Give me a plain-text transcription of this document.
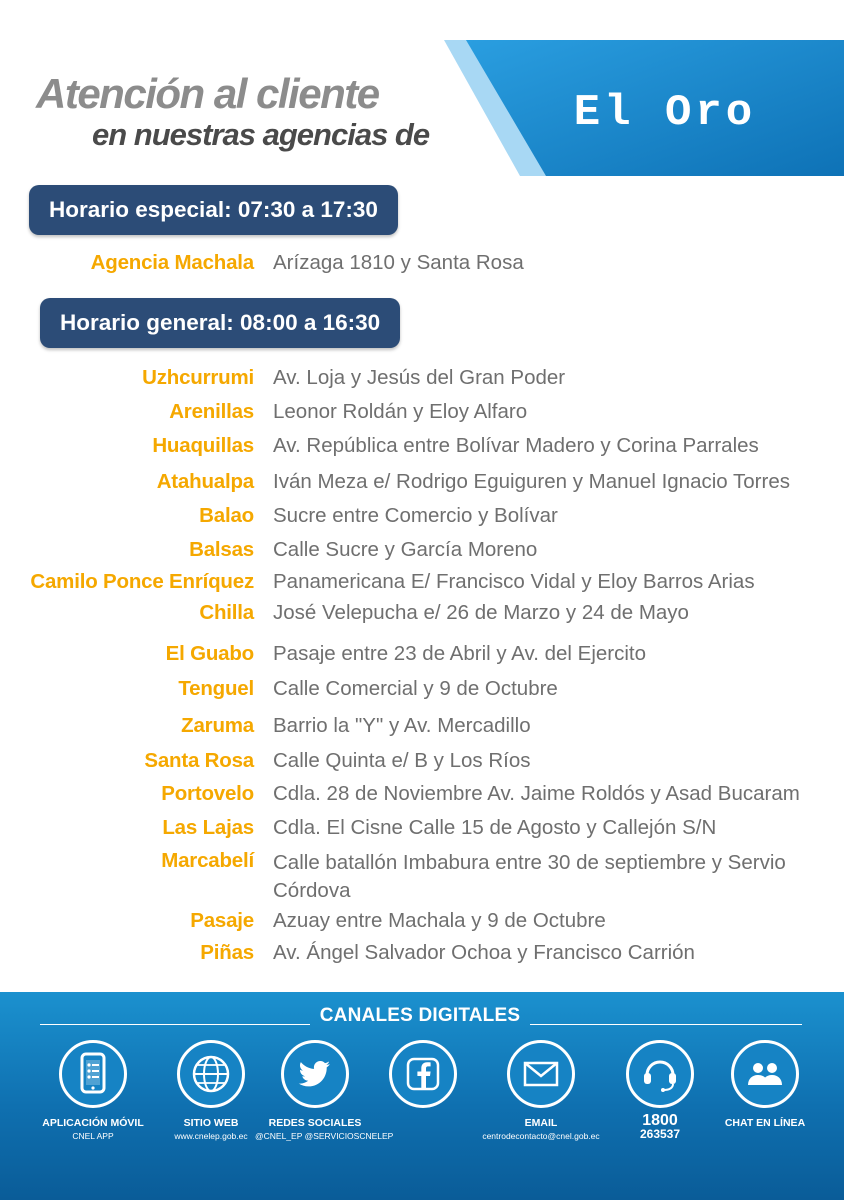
Atención al cliente
en nuestras agencias de	El Oro
Horario especial: 07:30 a 17:30
Agencia Machala Arízaga 1810 y Santa Rosa
Horario general: 08:00 a 16:30
Uzhcurrumi Av. Loja y Jesús del Gran Poder
Arenillas Leonor Roldán y Eloy Alfaro
Huaquillas Av. República entre Bolívar Madero y Corina Parrales
Atahualpa Iván Meza e/ Rodrigo Eguiguren y Manuel Ignacio Torres
Balao Sucre entre Comercio y Bolívar
Balsas Calle Sucre y García Moreno
Camilo Ponce Enríquez Panamericana E/ Francisco Vidal y Eloy Barros Arias
Chilla José Velepucha e/ 26 de Marzo y 24 de Mayo
El Guabo Pasaje entre 23 de Abril y Av. del Ejercito
Tenguel Calle Comercial y 9 de Octubre
Zaruma Barrio la "Y" y Av. Mercadillo
Santa Rosa Calle Quinta e/ B y Los Ríos
Portovelo Cdla. 28 de Noviembre Av. Jaime Roldós y Asad Bucaram
Las Lajas Cdla. El Cisne Calle 15 de Agosto y Callejón S/N
Marcabelí Calle batallón Imbabura entre 30 de septiembre y Servio Córdova
Pasaje Azuay entre Machala y 9 de Octubre
Piñas Av. Ángel Salvador Ochoa y Francisco Carrión
CANALES DIGITALES
APLICACIÓN MÓVIL
CNEL APP
SITIO WEB
www.cnelep.gob.ec
REDES SOCIALES
@CNEL_EP @SERVICIOSCNELEP
EMAIL
centrodecontacto@cnel.gob.ec
1800
263537
CHAT EN LÍNEA
